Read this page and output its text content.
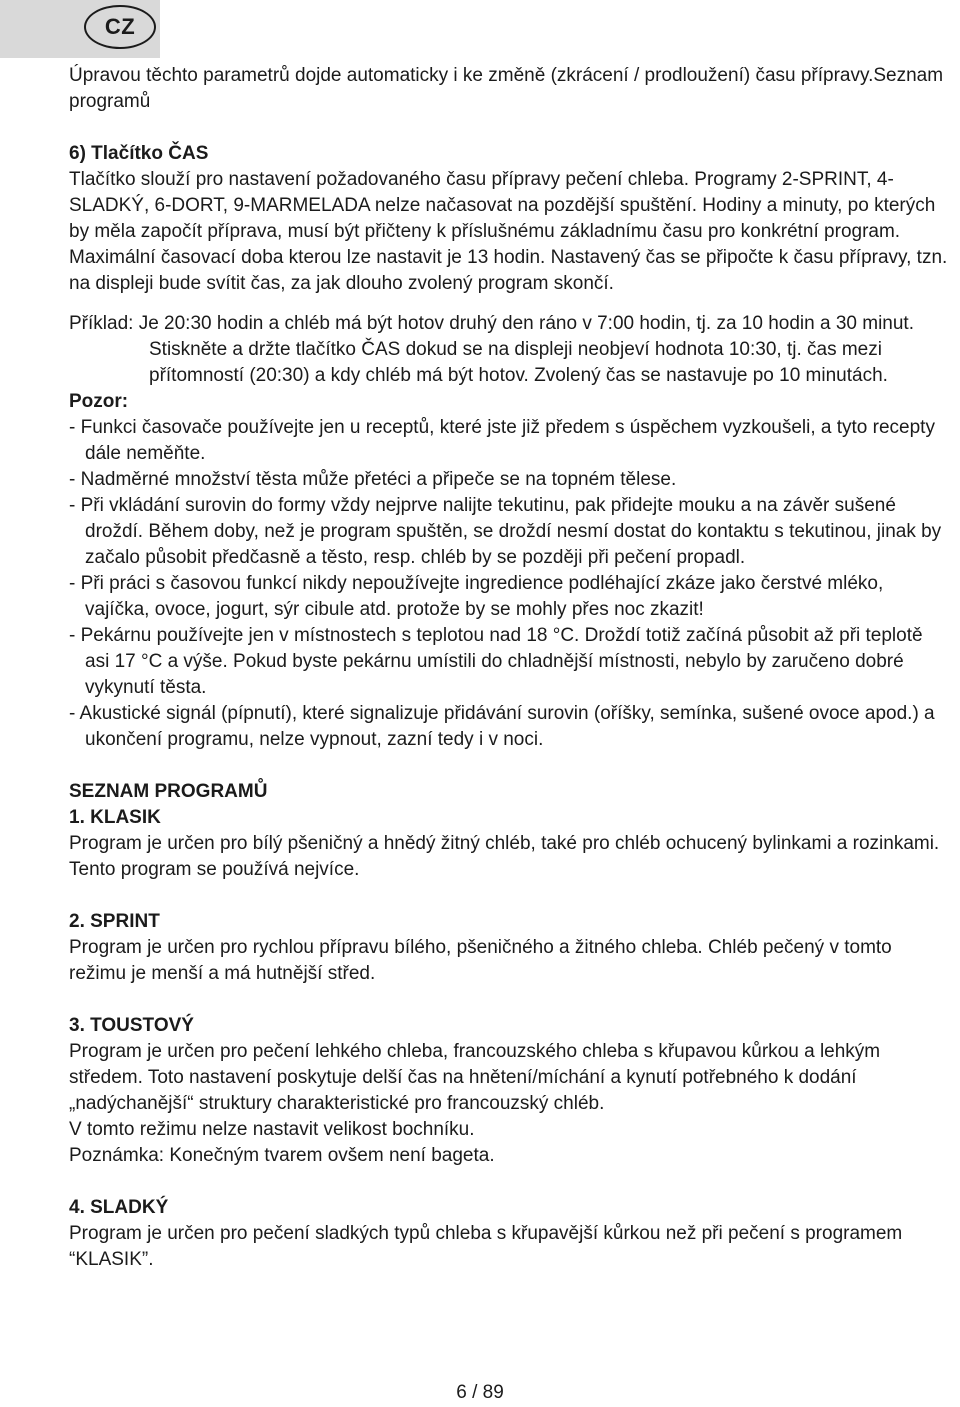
CZ

Úpravou těchto parametrů dojde automaticky i ke změně (zkrácení / prodloužení) času přípravy.Seznam programů

6) Tlačítko ČAS

Tlačítko slouží pro nastavení požadovaného času přípravy pečení chleba. Programy 2-SPRINT, 4-SLADKÝ, 6-DORT, 9-MARMELADA nelze načasovat na pozdější spuštění. Hodiny a minuty, po kterých by měla započít příprava, musí být přičteny k příslušnému základnímu času pro konkrétní program. Maximální časovací doba kterou lze nastavit je 13 hodin. Nastavený čas se připočte k času přípravy, tzn. na displeji bude svítit čas, za jak dlouho zvolený program skončí.

Příklad: Je 20:30 hodin a chléb má být hotov druhý den ráno v 7:00 hodin, tj. za 10 hodin a 30 minut. Stiskněte a držte tlačítko ČAS dokud se na displeji neobjeví hodnota 10:30, tj. čas mezi přítomností (20:30) a kdy chléb má být hotov. Zvolený čas se nastavuje po 10 minutách.

Pozor:

- Funkci časovače používejte jen u receptů, které jste již předem s úspěchem vyzkoušeli, a tyto recepty dále neměňte.

- Nadměrné množství těsta může přetéci a připeče se na topném tělese.

- Při vkládání surovin do formy vždy nejprve nalijte tekutinu, pak přidejte mouku a na závěr sušené droždí. Během doby, než je program spuštěn, se droždí nesmí dostat do kontaktu s tekutinou, jinak by začalo působit předčasně a těsto, resp. chléb by se později při pečení propadl.

- Při práci s časovou funkcí nikdy nepoužívejte ingredience podléhající zkáze jako čerstvé mléko, vajíčka, ovoce, jogurt, sýr cibule atd. protože by se mohly přes noc zkazit!

- Pekárnu používejte jen v místnostech s teplotou nad 18 °C. Droždí totiž začíná působit až při teplotě asi 17 °C a výše. Pokud byste pekárnu umístili do chladnější místnosti, nebylo by zaručeno dobré vykynutí těsta.

- Akustické signál (pípnutí), které signalizuje přidávání surovin (oříšky, semínka, sušené ovoce apod.) a ukončení programu, nelze vypnout, zazní tedy i v noci.

SEZNAM PROGRAMŮ

1. KLASIK

Program je určen pro bílý pšeničný a hnědý žitný chléb, také pro chléb ochucený bylinkami a rozinkami. Tento program se používá nejvíce.

2. SPRINT

Program je určen pro rychlou přípravu bílého, pšeničného a žitného chleba. Chléb pečený v tomto režimu je menší a má hutnější střed.

3. TOUSTOVÝ

Program je určen pro pečení lehkého chleba, francouzského chleba s křupavou kůrkou a lehkým středem. Toto nastavení poskytuje delší čas na hnětení/míchání a kynutí potřebného k dodání „nadýchanější“ struktury charakteristické pro francouzský chléb.

V tomto režimu nelze nastavit velikost bochníku.

Poznámka: Konečným tvarem ovšem není bageta.

4. SLADKÝ

Program je určen pro pečení sladkých typů chleba s křupavější kůrkou než při pečení s programem “KLASIK”.

6 / 89
